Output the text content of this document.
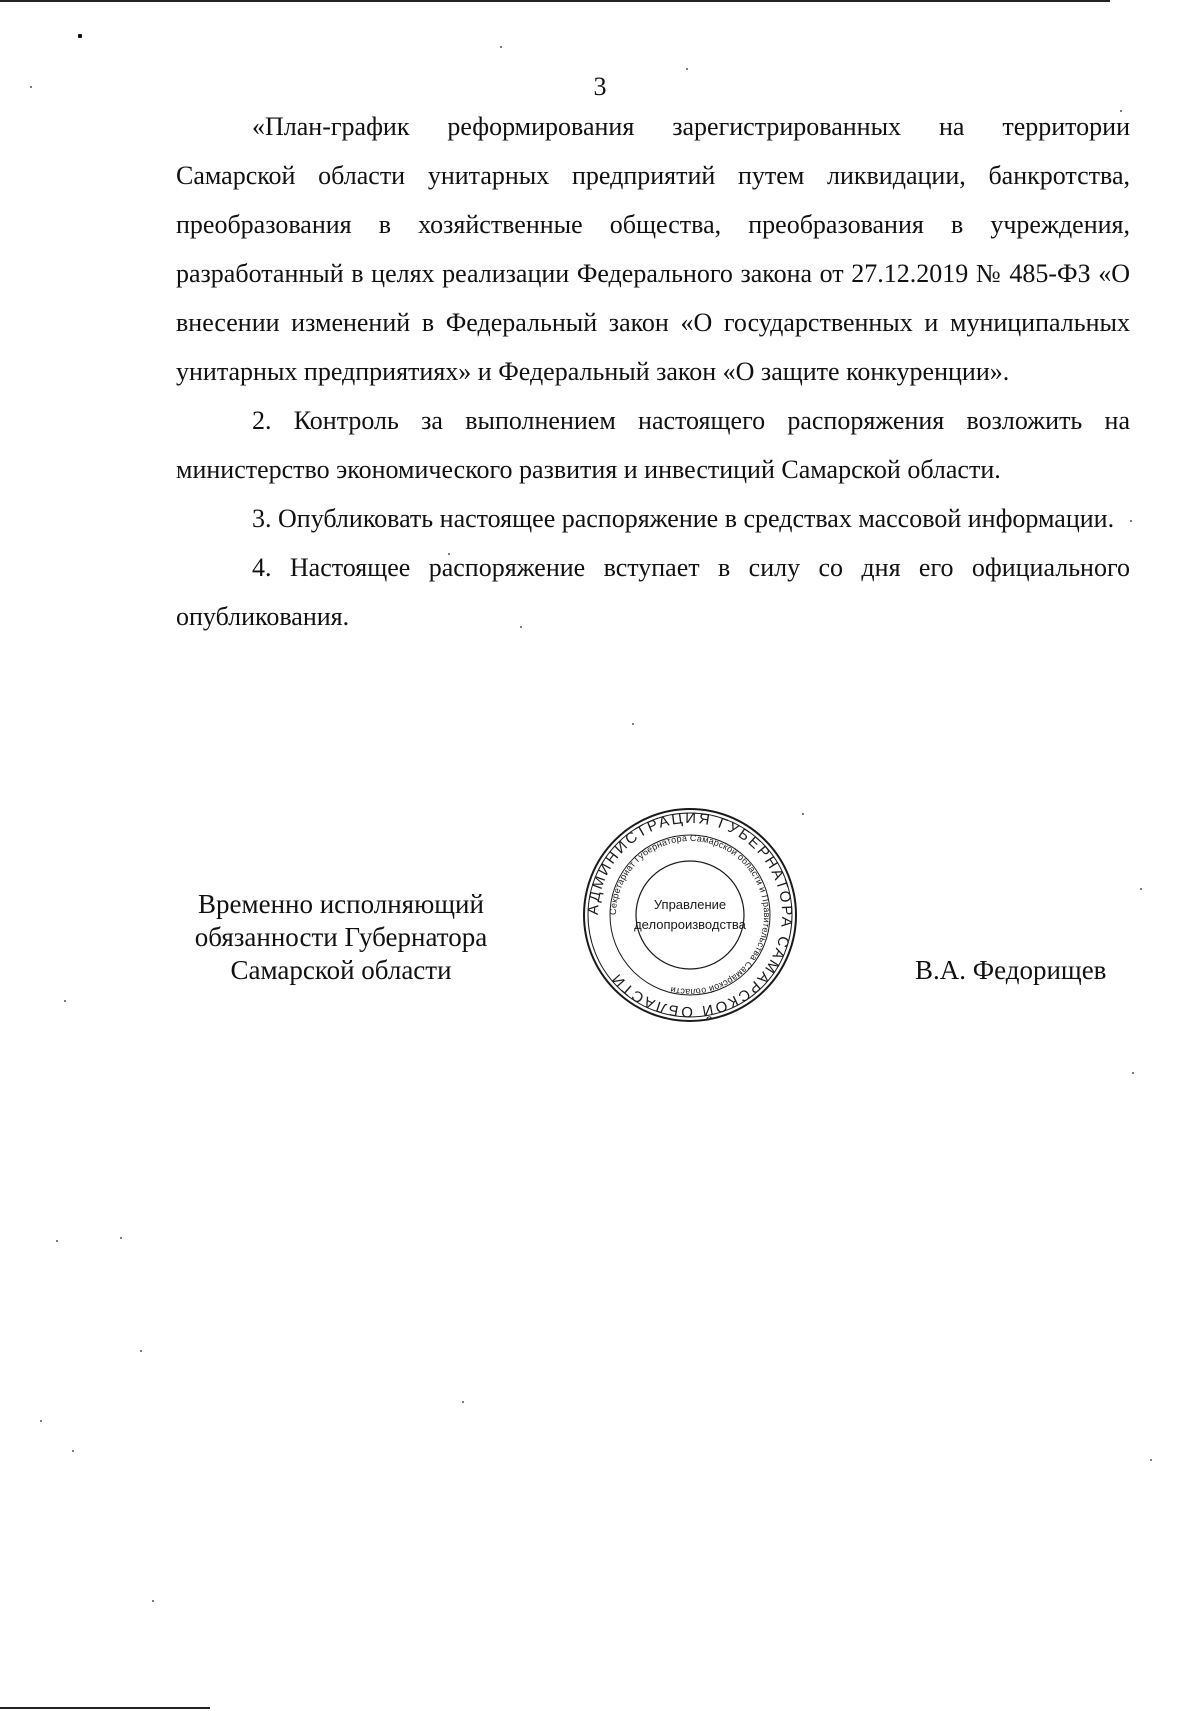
3

«План-график реформирования зарегистрированных на территории Самарской области унитарных предприятий путем ликвидации, банкротства, преобразования в хозяйственные общества, преобразования в учреждения, разработанный в целях реализации Федерального закона от 27.12.2019 № 485-ФЗ «О внесении изменений в Федеральный закон «О государственных и муниципальных унитарных предприятиях» и Федеральный закон «О защите конкуренции».

2. Контроль за выполнением настоящего распоряжения возложить на министерство экономического развития и инвестиций Самарской области.

3. Опубликовать настоящее распоряжение в средствах массовой информации.

4. Настоящее распоряжение вступает в силу со дня его официального опубликования.

Временно исполняющий
обязанности Губернатора
Самарской области
АДМИНИСТРАЦИЯ ГУБЕРНАТОРА САМАРСКОЙ ОБЛАСТИ
Секретариат Губернатора Самарской области и Правительства Самарской области
Управление
делопроизводства
В.А. Федорищев
